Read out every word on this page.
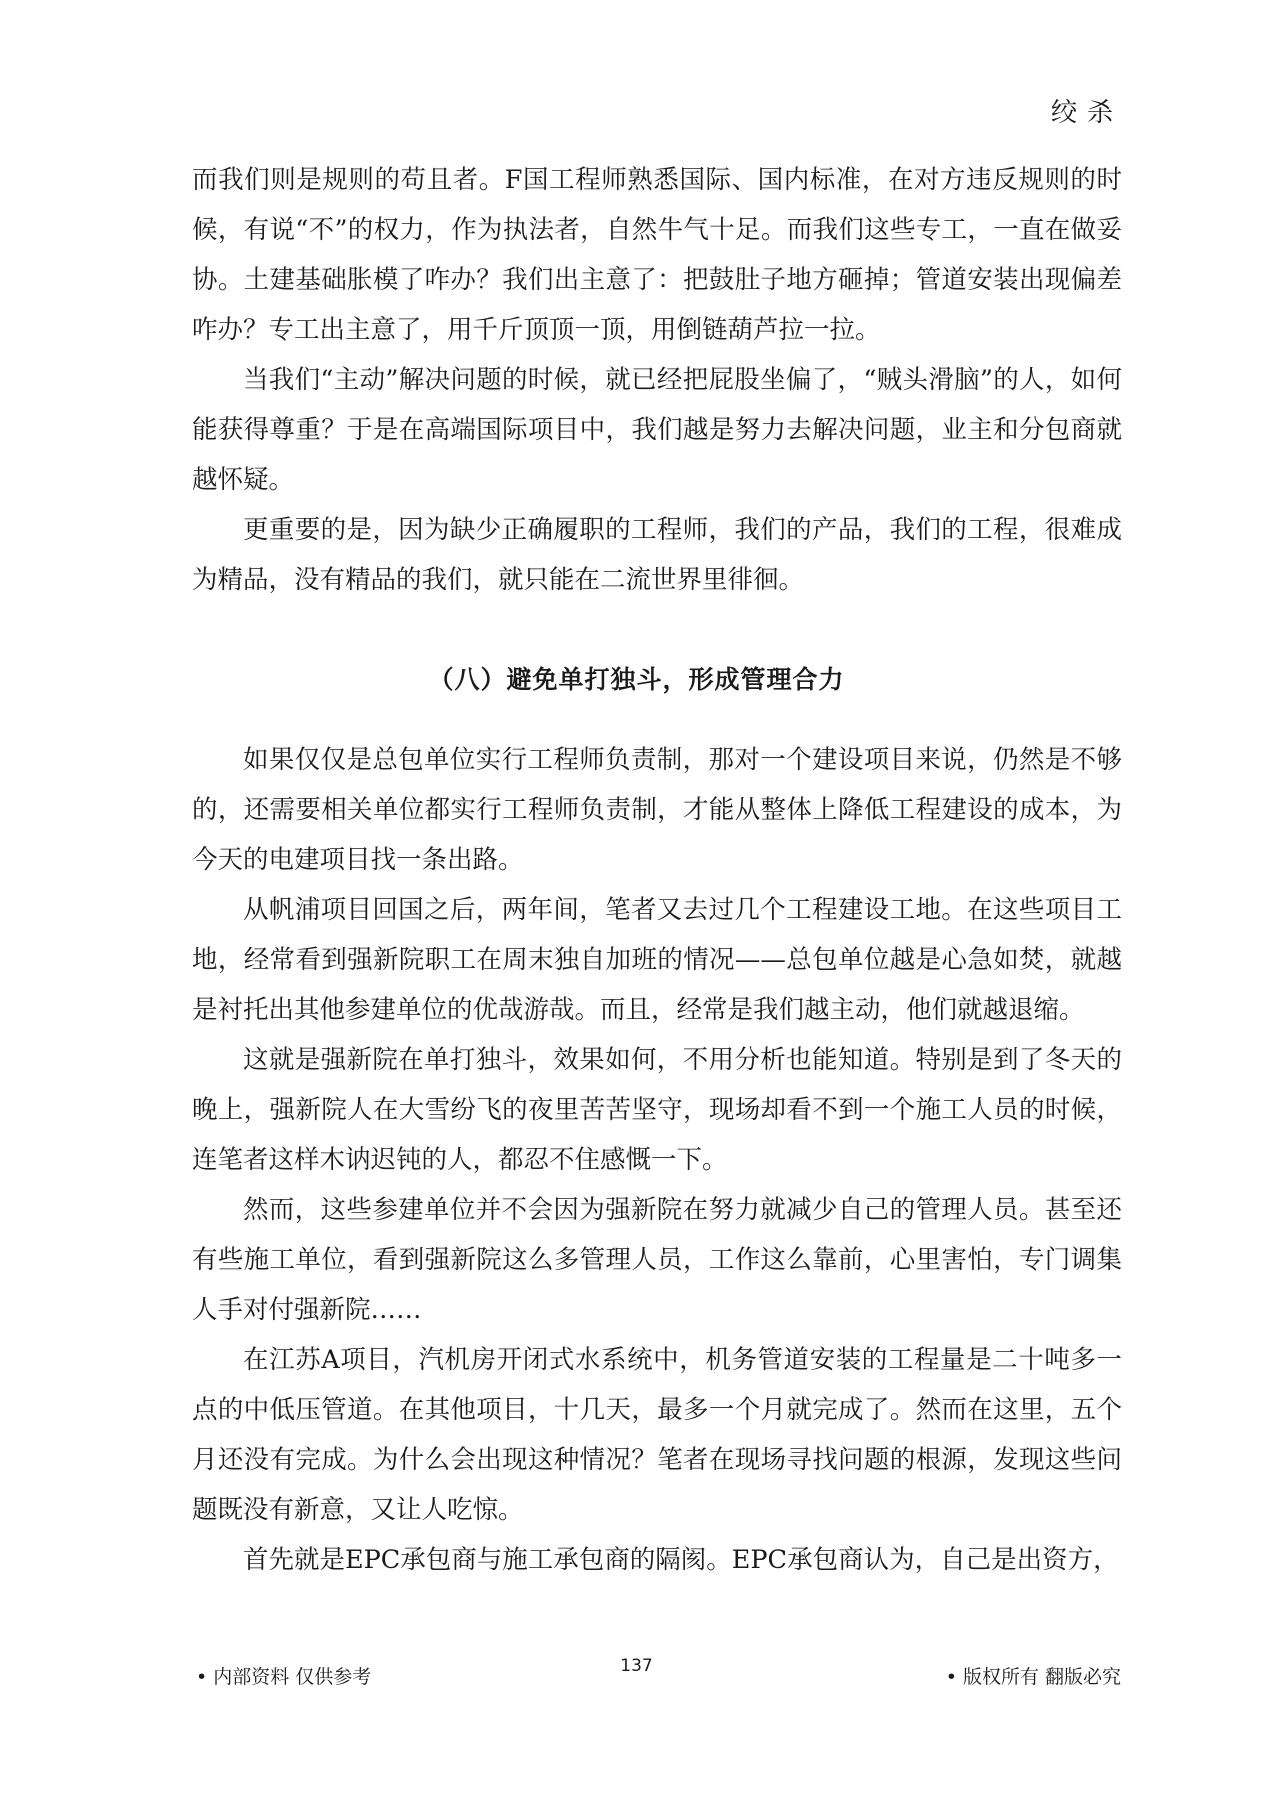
绞杀

而我们则是规则的苟且者。F国工程师熟悉国际、国内标准，在对方违反规则的时候，有说“不”的权力，作为执法者，自然牛气十足。而我们这些专工，一直在做妥协。土建基础胀模了咋办？我们出主意了：把鼓肚子地方砸掉；管道安装出现偏差咋办？专工出主意了，用千斤顶顶一顶，用倒链葫芦拉一拉。

当我们“主动”解决问题的时候，就已经把屁股坐偏了，“贼头滑脑”的人，如何能获得尊重？于是在高端国际项目中，我们越是努力去解决问题，业主和分包商就越怀疑。

更重要的是，因为缺少正确履职的工程师，我们的产品，我们的工程，很难成为精品，没有精品的我们，就只能在二流世界里徘徊。

（八）避免单打独斗，形成管理合力

如果仅仅是总包单位实行工程师负责制，那对一个建设项目来说，仍然是不够的，还需要相关单位都实行工程师负责制，才能从整体上降低工程建设的成本，为今天的电建项目找一条出路。

从帆浦项目回国之后，两年间，笔者又去过几个工程建设工地。在这些项目工地，经常看到强新院职工在周末独自加班的情况——总包单位越是心急如焚，就越是衬托出其他参建单位的优哉游哉。而且，经常是我们越主动，他们就越退缩。

这就是强新院在单打独斗，效果如何，不用分析也能知道。特别是到了冬天的晚上，强新院人在大雪纷飞的夜里苦苦坚守，现场却看不到一个施工人员的时候，连笔者这样木讷迟钝的人，都忍不住感慨一下。

然而，这些参建单位并不会因为强新院在努力就减少自己的管理人员。甚至还有些施工单位，看到强新院这么多管理人员，工作这么靠前，心里害怕，专门调集人手对付强新院……

在江苏A项目，汽机房开闭式水系统中，机务管道安装的工程量是二十吨多一点的中低压管道。在其他项目，十几天，最多一个月就完成了。然而在这里，五个月还没有完成。为什么会出现这种情况？笔者在现场寻找问题的根源，发现这些问题既没有新意，又让人吃惊。

首先就是EPC承包商与施工承包商的隔阂。EPC承包商认为，自己是出资方，

• 内部资料 仅供参考	137	• 版权所有 翻版必究
